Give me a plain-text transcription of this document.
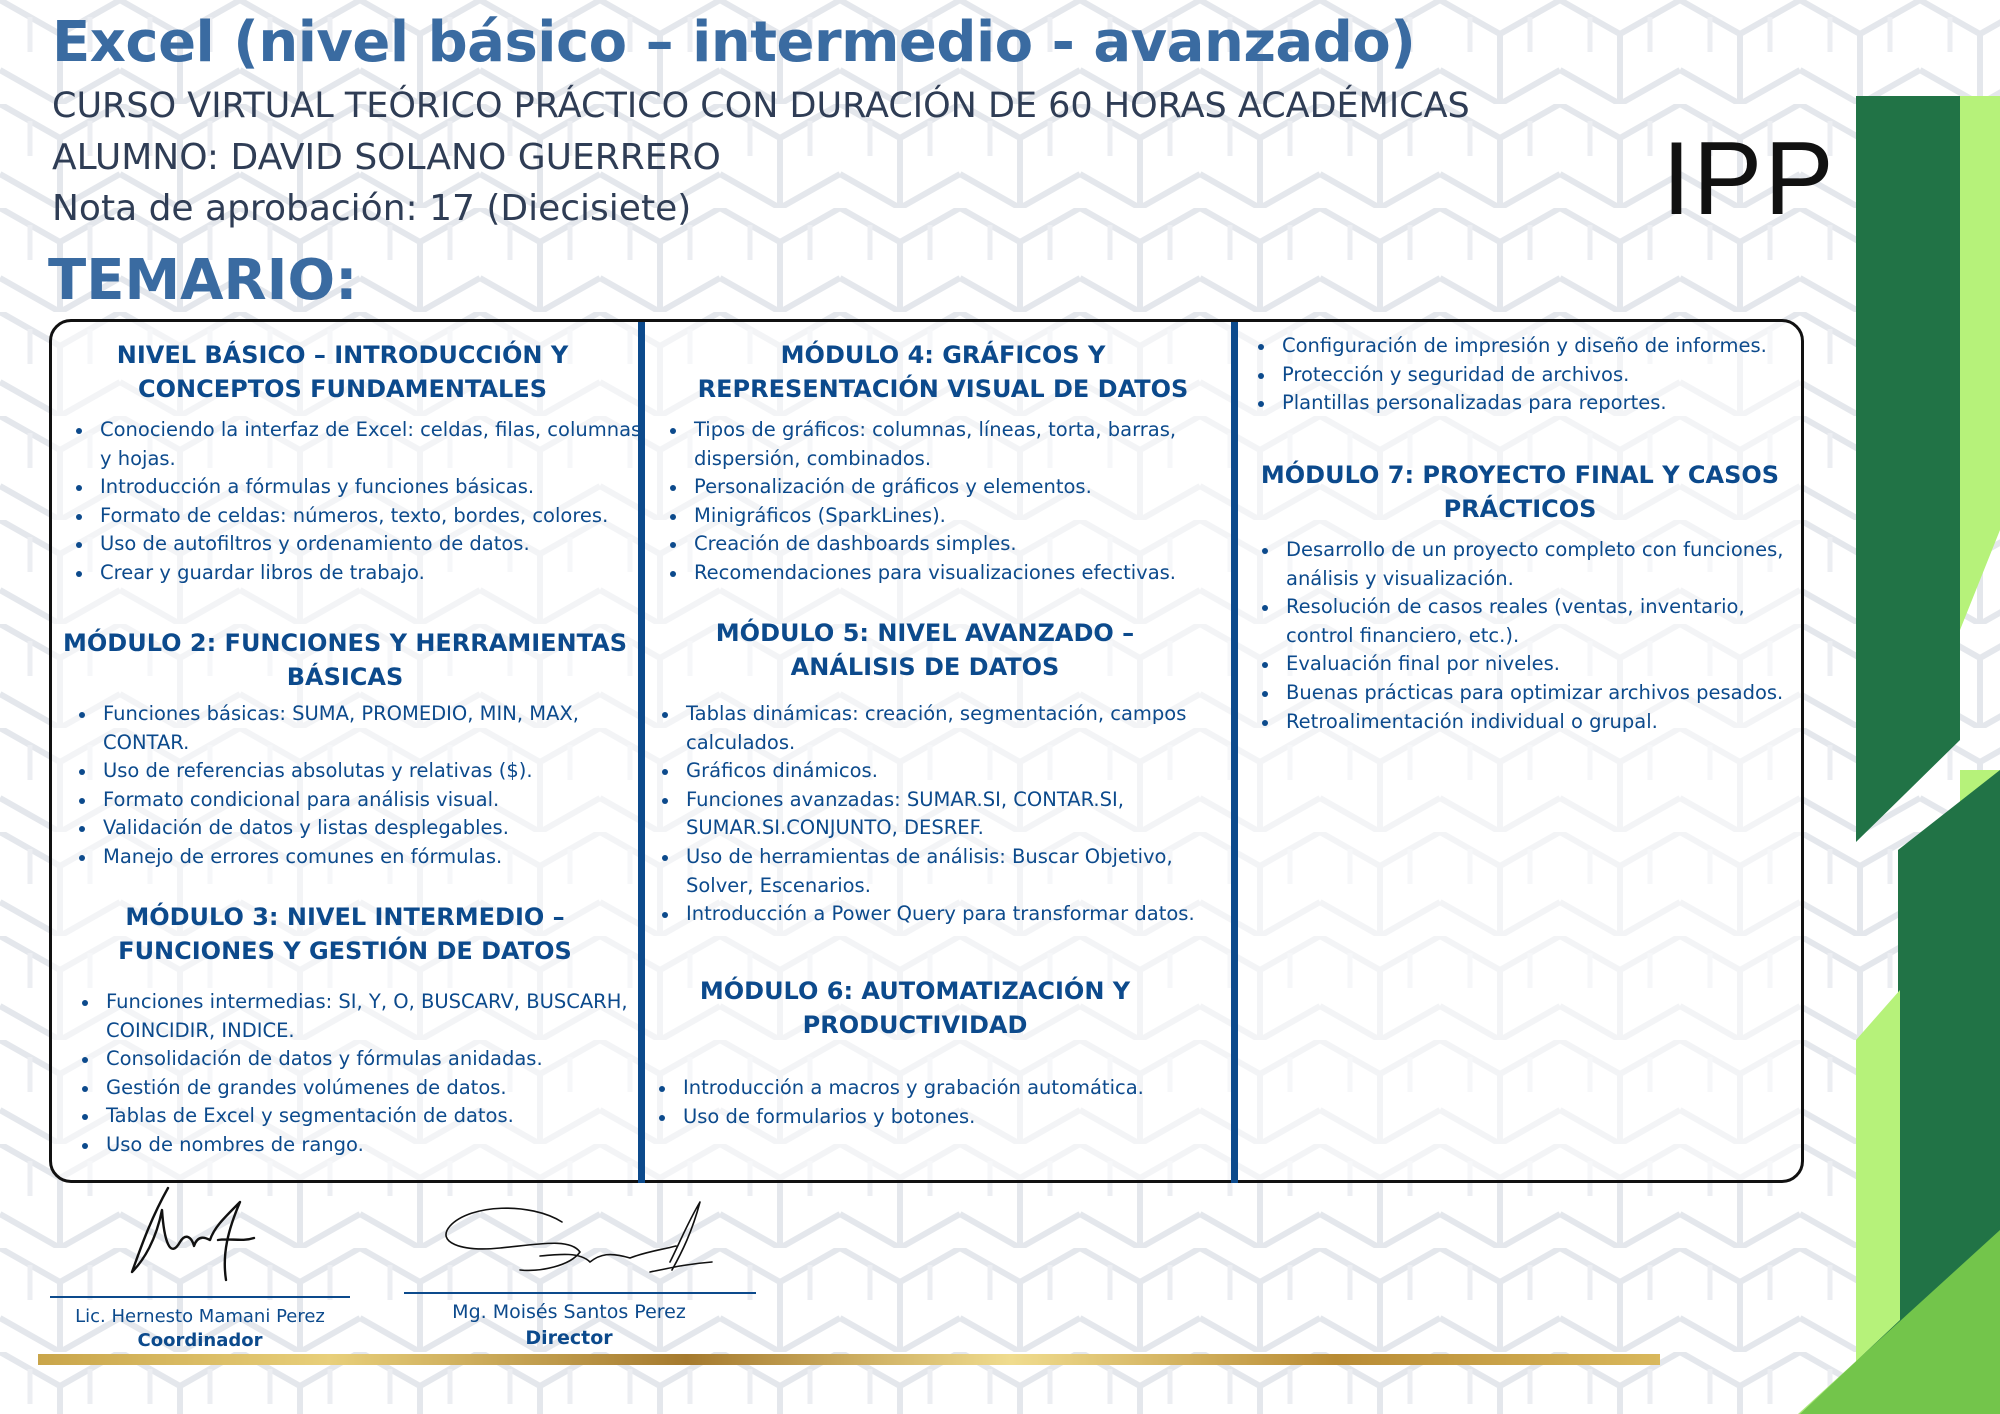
Excel (nivel básico – intermedio - avanzado)

CURSO VIRTUAL TEÓRICO PRÁCTICO CON DURACIÓN DE 60 HORAS ACADÉMICAS

ALUMNO: DAVID SOLANO GUERRERO

Nota de aprobación: 17 (Diecisiete)	IPP
TEMARIO:
NIVEL BÁSICO – INTRODUCCIÓN Y CONCEPTOS FUNDAMENTALES
Conociendo la interfaz de Excel: celdas, filas, columnas y hojas.
Introducción a fórmulas y funciones básicas.
Formato de celdas: números, texto, bordes, colores.
Uso de autofiltros y ordenamiento de datos.
Crear y guardar libros de trabajo.
MÓDULO 2: FUNCIONES Y HERRAMIENTAS BÁSICAS
Funciones básicas: SUMA, PROMEDIO, MIN, MAX, CONTAR.
Uso de referencias absolutas y relativas ($).
Formato condicional para análisis visual.
Validación de datos y listas desplegables.
Manejo de errores comunes en fórmulas.
MÓDULO 3: NIVEL INTERMEDIO – FUNCIONES Y GESTIÓN DE DATOS
Funciones intermedias: SI, Y, O, BUSCARV, BUSCARH, COINCIDIR, INDICE.
Consolidación de datos y fórmulas anidadas.
Gestión de grandes volúmenes de datos.
Tablas de Excel y segmentación de datos.
Uso de nombres de rango.
MÓDULO 4: GRÁFICOS Y REPRESENTACIÓN VISUAL DE DATOS
Tipos de gráficos: columnas, líneas, torta, barras, dispersión, combinados.
Personalización de gráficos y elementos.
Minigráficos (SparkLines).
Creación de dashboards simples.
Recomendaciones para visualizaciones efectivas.
MÓDULO 5: NIVEL AVANZADO – ANÁLISIS DE DATOS
Tablas dinámicas: creación, segmentación, campos calculados.
Gráficos dinámicos.
Funciones avanzadas: SUMAR.SI, CONTAR.SI, SUMAR.SI.CONJUNTO, DESREF.
Uso de herramientas de análisis: Buscar Objetivo, Solver, Escenarios.
Introducción a Power Query para transformar datos.
MÓDULO 6: AUTOMATIZACIÓN Y PRODUCTIVIDAD
Introducción a macros y grabación automática.
Uso de formularios y botones.
Configuración de impresión y diseño de informes.
Protección y seguridad de archivos.
Plantillas personalizadas para reportes.
MÓDULO 7: PROYECTO FINAL Y CASOS PRÁCTICOS
Desarrollo de un proyecto completo con funciones, análisis y visualización.
Resolución de casos reales (ventas, inventario, control financiero, etc.).
Evaluación final por niveles.
Buenas prácticas para optimizar archivos pesados.
Retroalimentación individual o grupal.
Lic. Hernesto Mamani Perez
Coordinador
Mg. Moisés Santos Perez
Director
